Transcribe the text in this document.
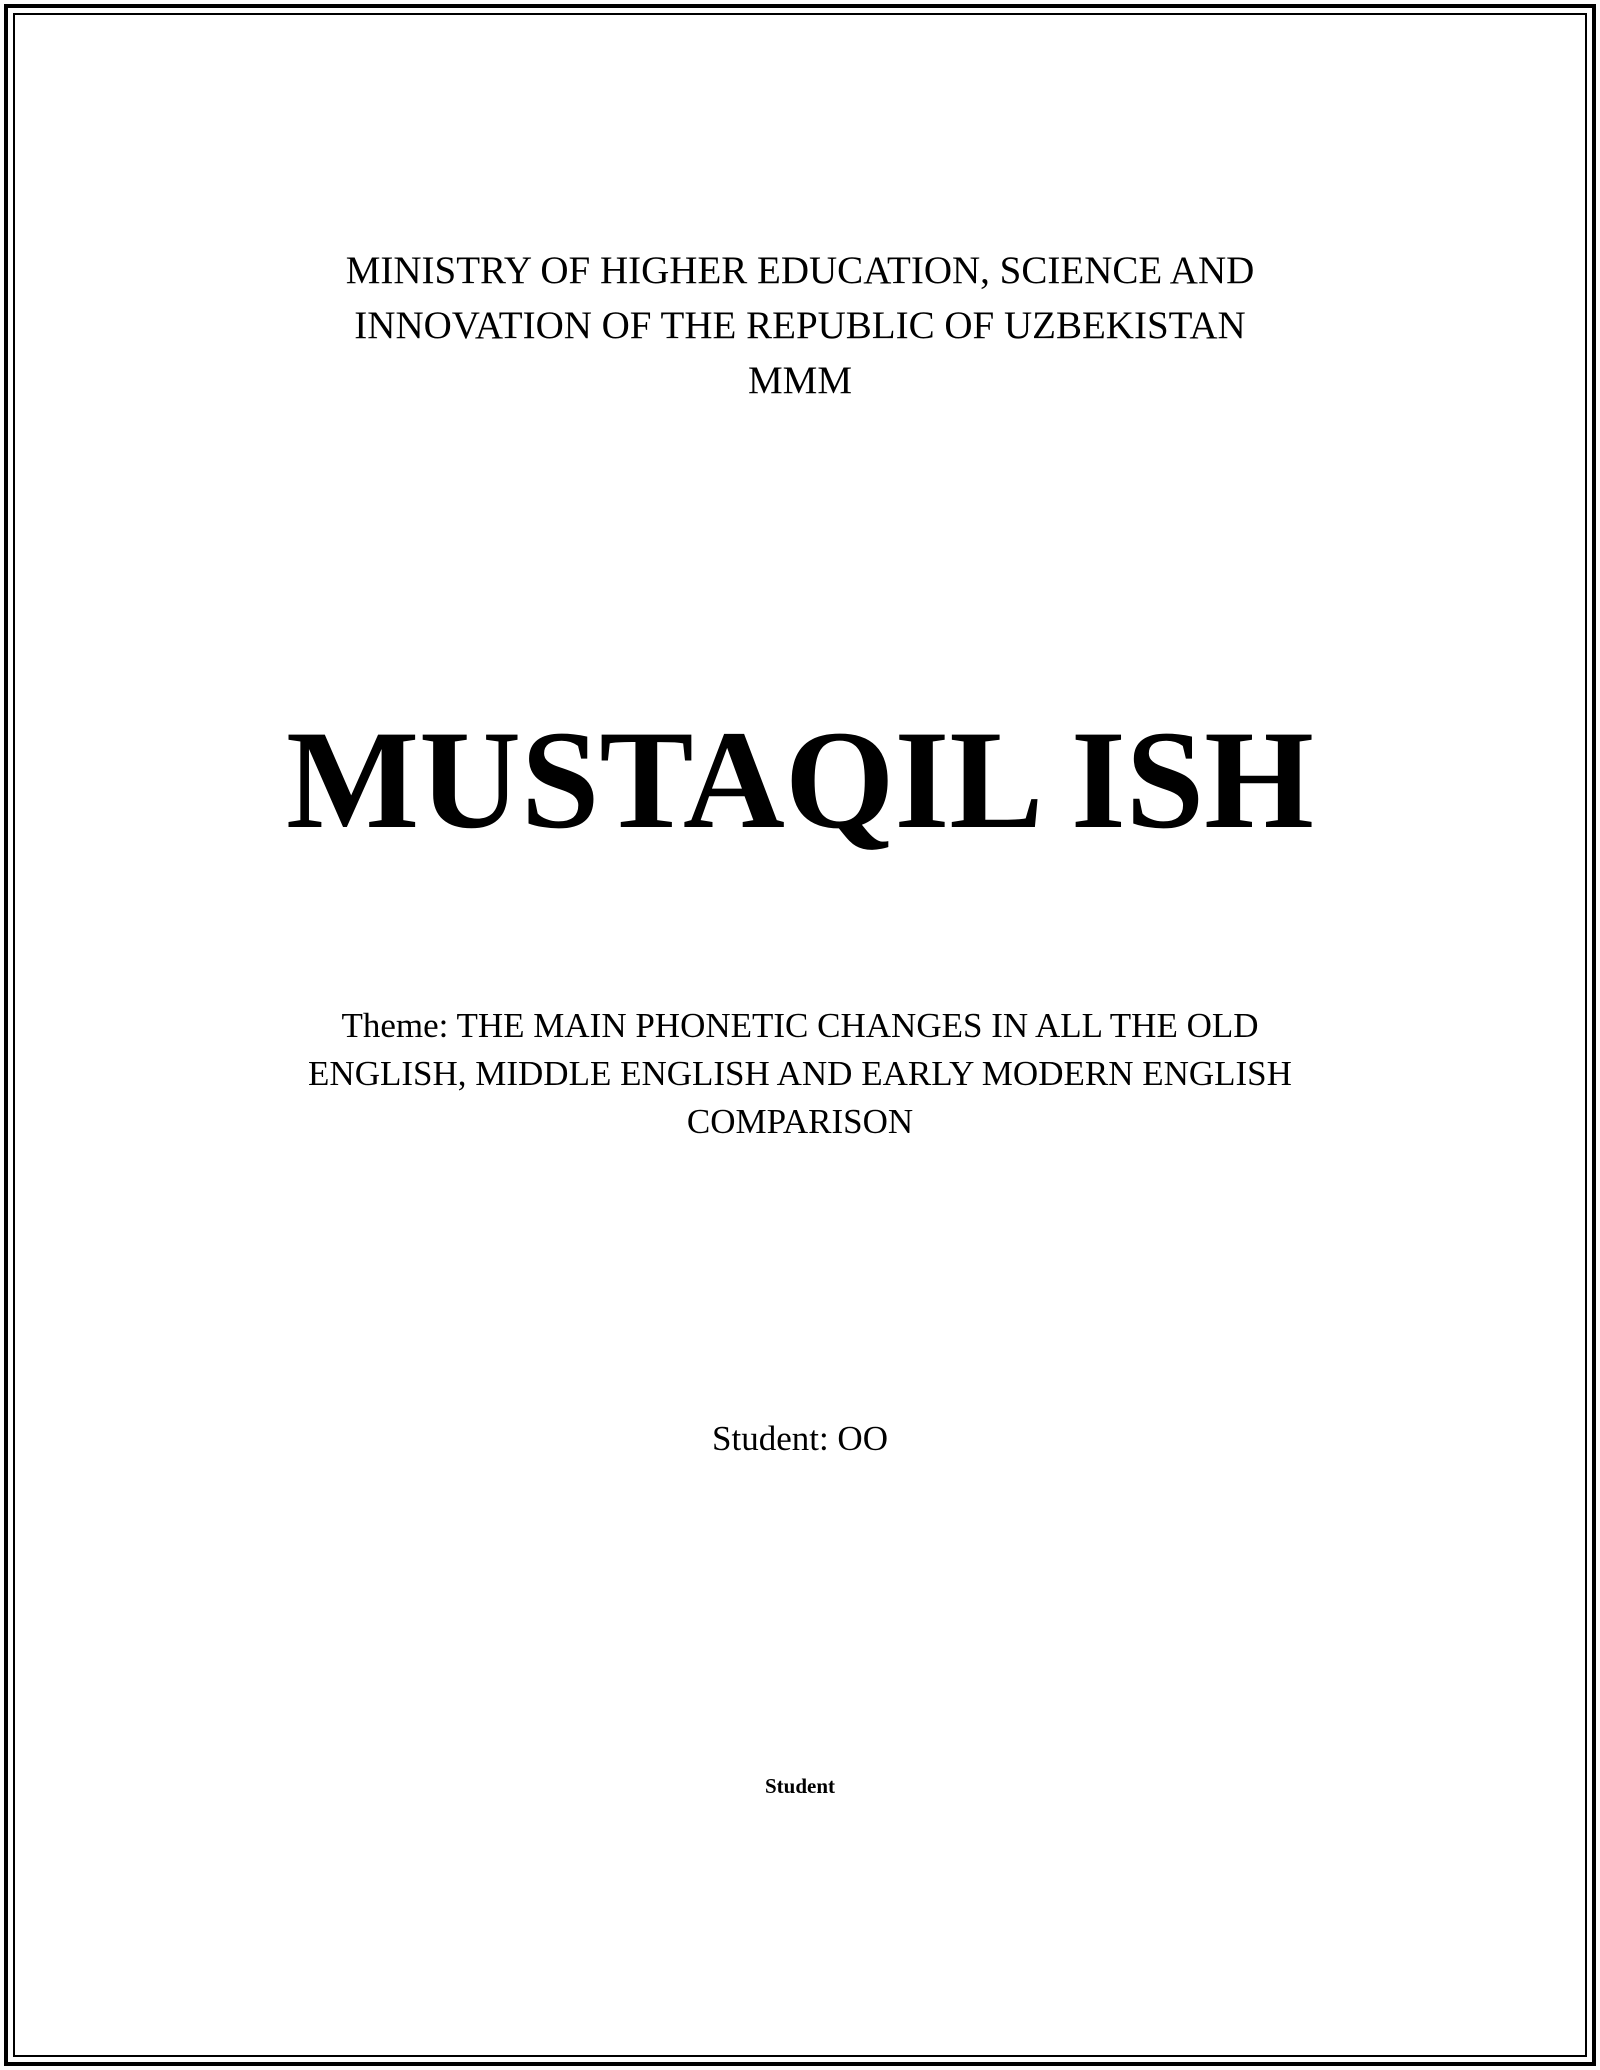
MINISTRY OF HIGHER EDUCATION, SCIENCE AND
INNOVATION OF THE REPUBLIC OF UZBEKISTAN
MMM
MUSTAQIL ISH
Theme: THE MAIN PHONETIC CHANGES IN ALL THE OLD
ENGLISH, MIDDLE ENGLISH AND EARLY MODERN ENGLISH
COMPARISON
Student: OO
Student
